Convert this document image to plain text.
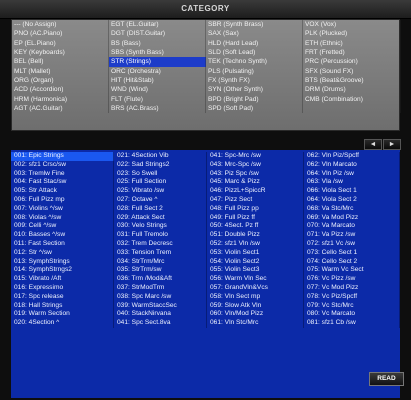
CATEGORY
--- (No Assign)	EGT (EL.Guitar)	SBR (Synth Brass)	VOX (Vox)
PNO (AC.Piano)	DGT (DIST.Guitar)	SAX (Sax)	PLK (Plucked)
EP (EL.Piano)	BS (Bass)	HLD (Hard Lead)	ETH (Ethnic)
KEY (Keyboards)	SBS (Synth Bass)	SLD (Soft Lead)	FRT (Fretted)
BEL (Bell)	STR (Strings)	TEK (Techno Synth)	PRC (Percussion)
MLT (Mallet)	ORC (Orchestra)	PLS (Pulsating)	SFX (Sound FX)
ORG (Organ)	HIT (Hit&Stab)	FX (Synth FX)	BTS (Beat&Groove)
ACD (Accordion)	WND (Wind)	SYN (Other Synth)	DRM (Drums)
HRM (Harmonica)	FLT (Flute)	BPD (Bright Pad)	CMB (Combination)
AGT (AC.Guitar)	BRS (AC.Brass)	SPD (Soft Pad)
◄	►
001: Epic Strings	021: 4Section Vib	041: Spc-Mrc /sw	062: Vln Piz/Spcff
002: sfz1 Crsc/sw	022: Sad Strings2	043: Mrc-Spc /sw	062: Vln Marcato
003: Tremlw Fine	023: So Swell	043: Piz Spc /sw	064: Vln Piz /sw
004: Fast Stac/sw	025: Full Section	045: Marc & Pizz	063: Vla /sw
005: Str Attack	025: Vibrato /sw	046: PizzL+SpiccR	066: Viola Sect 1
006: Full Pizz mp	027: Octave ^	047: Pizz Sect	064: Viola Sect 2
007: Violins ^/sw	028: Full Sect 2	048: Full Pizz pp	068: Va Stc/Mrc
008: Violas ^/sw	029: Attack Sect	049: Full Pizz ff	069: Va Mod Pizz
009: Celli ^/sw	030: Velo Strings	050: 4Sect. Pz ff	070: Va Marcato
010: Basses ^/sw	031: Full Tremolo	051: Double Pizz	071: Va Pizz /sw
011: Fast Section	032: Trem Decresc	052: sfz1 Vln /sw	072: sfz1 Vc /sw
012: Str ^/sw	033: Tension Trem	053: Violin Sect1	073: Cello Sect 1
013: SymphStrings	034: StrTrm/Mrc	054: Violin Sect2	074: Cello Sect 2
014: SymphStrngs2	035: StrTrm/sw	055: Violin Sect3	075: Warm Vc Sect
015: Vibrato /Aft	036: Trm /Mod&Aft	056: Warm Vln Sec	076: Vc Pizz /sw
016: Expressimo	037: StrModTrm	057: GrandVln&Vcs	077: Vc Mod Pizz
017: Spc release	038: Spc Marc /sw	058: Vln Sect mp	078: Vc Piz/Spcff
018: Hall Strings	039: WarmStaccSec	059: Slow Atk Vln	079: Vc Stc/Mrc
019: Warm Section	040: StackNirvana	060: Vln/Mod Pizz	080: Vc Marcato
020: 4Section ^	041: Spc Sect.8va	061: Vln Stc/Mrc	081: sfz1 Cb /sw
READ
